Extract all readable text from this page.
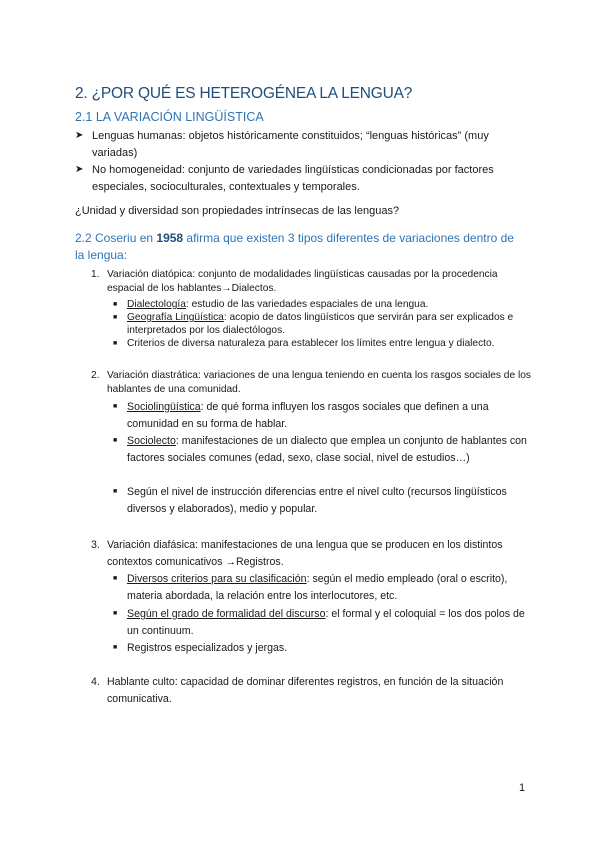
2. ¿POR QUÉ ES HETEROGÉNEA LA LENGUA?
2.1 LA VARIACIÓN LINGÜÍSTICA
➤ Lenguas humanas: objetos históricamente constituidos; “lenguas históricas” (muy variadas)
➤ No homogeneidad: conjunto de variedades lingüísticas condicionadas por factores especiales, socioculturales, contextuales y temporales.
¿Unidad y diversidad son propiedades intrínsecas de las lenguas?
2.2 Coseriu en 1958 afirma que existen 3 tipos diferentes de variaciones dentro de la lengua:
1. Variación diatópica: conjunto de modalidades lingüísticas causadas por la procedencia espacial de los hablantes→Dialectos.
■ Dialectología: estudio de las variedades espaciales de una lengua.
■ Geografía Lingüística: acopio de datos lingüísticos que servirán para ser explicados e interpretados por los dialectólogos.
■ Criterios de diversa naturaleza para establecer los límites entre lengua y dialecto.
2. Variación diastrática: variaciones de una lengua teniendo en cuenta los rasgos sociales de los hablantes de una comunidad.
■ Sociolingüística: de qué forma influyen los rasgos sociales que definen a una comunidad en su forma de hablar.
■ Sociolecto: manifestaciones de un dialecto que emplea un conjunto de hablantes con factores sociales comunes (edad, sexo, clase social, nivel de estudios…)
■ Según el nivel de instrucción diferencias entre el nivel culto (recursos lingüísticos diversos y elaborados), medio y popular.
3. Variación diafásica: manifestaciones de una lengua que se producen en los distintos contextos comunicativos →Registros.
■ Diversos criterios para su clasificación: según el medio empleado (oral o escrito), materia abordada, la relación entre los interlocutores, etc.
■ Según el grado de formalidad del discurso: el formal y el coloquial = los dos polos de un continuum.
■ Registros especializados y jergas.
4. Hablante culto: capacidad de dominar diferentes registros, en función de la situación comunicativa.
1
